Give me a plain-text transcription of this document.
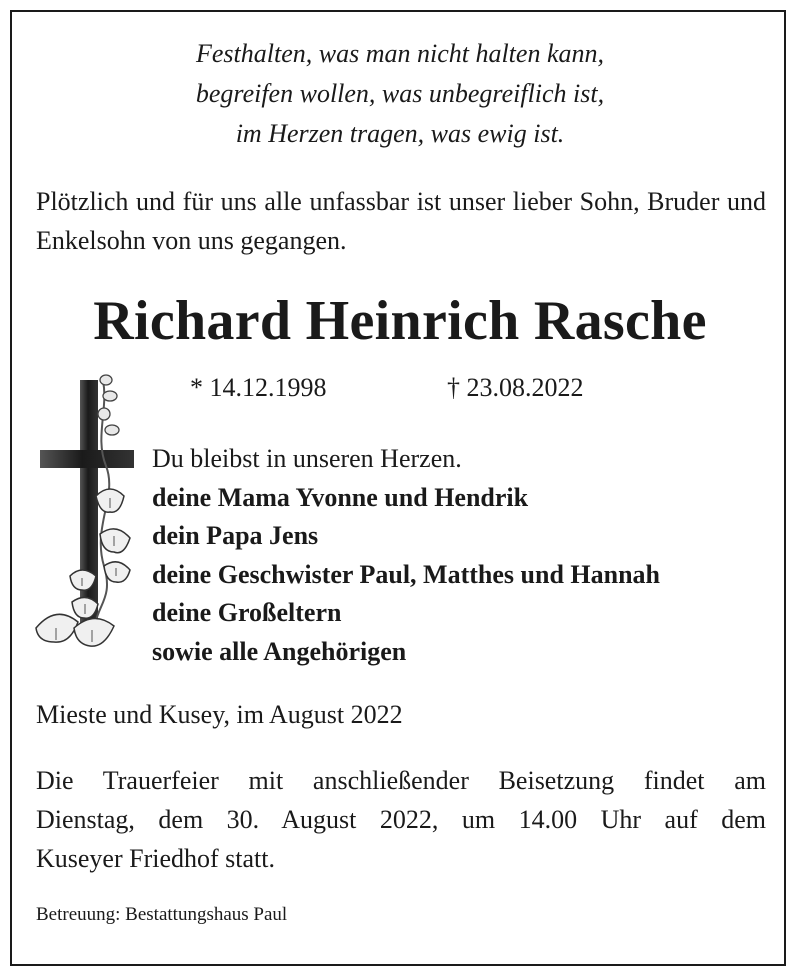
Festhalten, was man nicht halten kann,
begreifen wollen, was unbegreiflich ist,
im Herzen tragen, was ewig ist.
Plötzlich und für uns alle unfassbar ist unser lieber Sohn, Bruder und Enkelsohn von uns gegangen.
Richard Heinrich Rasche
* 14.12.1998	† 23.08.2022
Du bleibst in unseren Herzen.
deine Mama Yvonne und Hendrik
dein Papa Jens
deine Geschwister Paul, Matthes und Hannah
deine Großeltern
sowie alle Angehörigen
Mieste und Kusey, im August 2022
Die Trauerfeier mit anschließender Beisetzung findet am
Dienstag, dem 30. August 2022, um 14.00 Uhr auf dem
Kuseyer Friedhof statt.
Betreuung: Bestattungshaus Paul
